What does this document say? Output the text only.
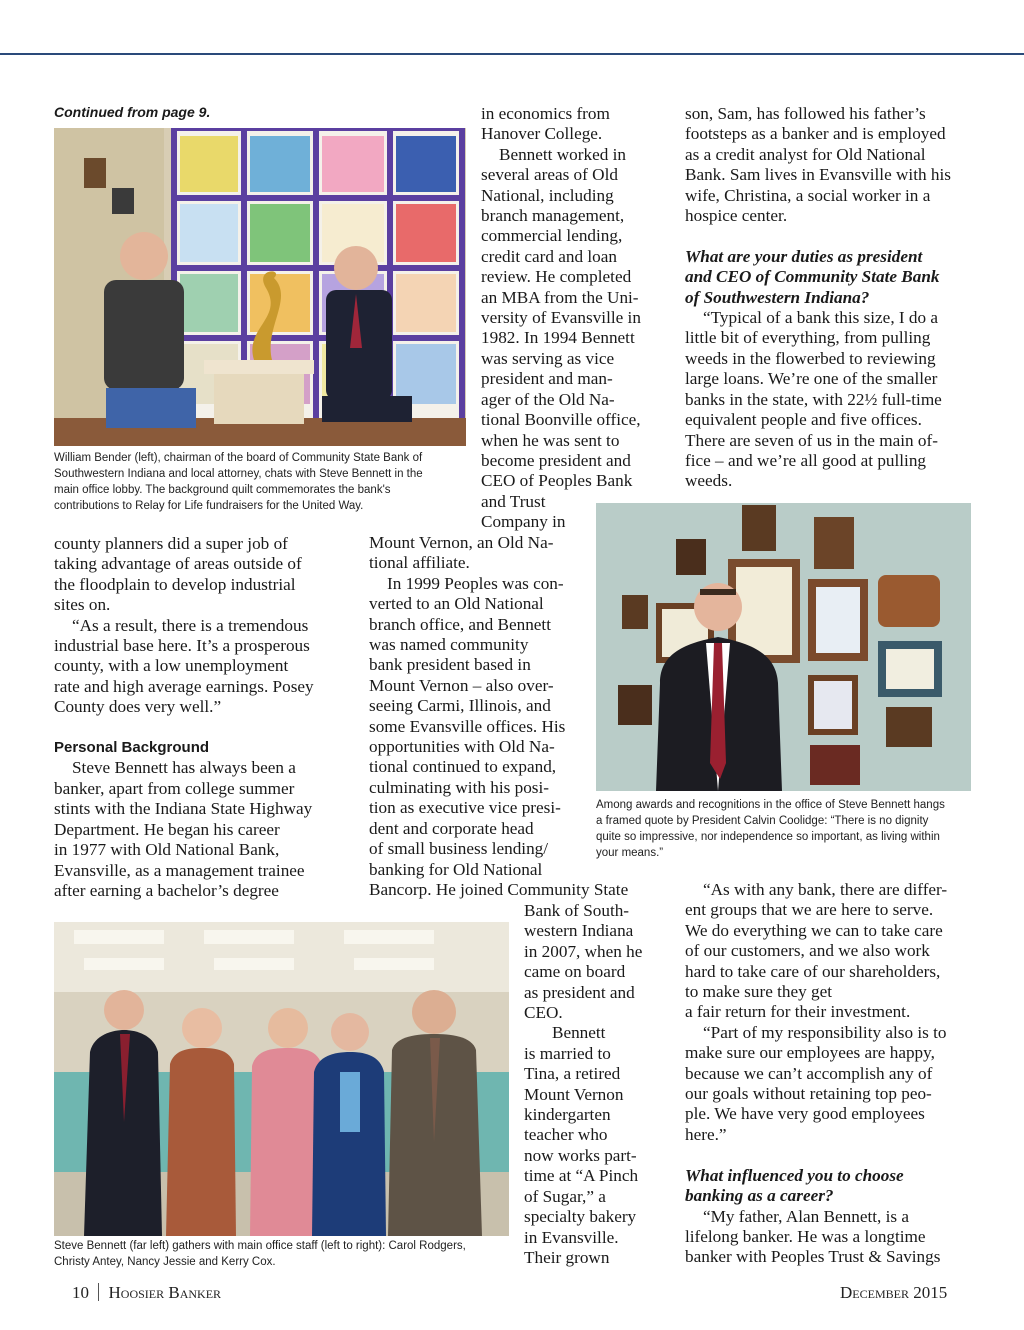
Continued from page 9.
William Bender (left), chairman of the board of Community State Bank of
Southwestern Indiana and local attorney, chats with Steve Bennett in the
main office lobby. The background quilt commemorates the bank's
contributions to Relay for Life fundraisers for the United Way.
county planners did a super job of
taking advantage of areas outside of
the floodplain to develop industrial
sites on.
“As a result, there is a tremendous
industrial base here. It’s a prosperous
county, with a low unemployment
rate and high average earnings. Posey
County does very well.”

Personal Background
Steve Bennett has always been a
banker, apart from college summer
stints with the Indiana State Highway
Department. He began his career
in 1977 with Old National Bank,
Evansville, as a management trainee
after earning a bachelor’s degree
in economics from
Hanover College.
Bennett worked in
several areas of Old
National, including
branch management,
commercial lending,
credit card and loan
review. He completed
an MBA from the Uni-
versity of Evansville in
1982. In 1994 Bennett
was serving as vice
president and man-
ager of the Old Na-
tional Boonville office,
when he was sent to
become president and
CEO of Peoples Bank
and Trust
Company in
Mount Vernon, an Old Na-
tional affiliate.
In 1999 Peoples was con-
verted to an Old National
branch office, and Bennett
was named community
bank president based in
Mount Vernon – also over-
seeing Carmi, Illinois, and
some Evansville offices. His
opportunities with Old Na-
tional continued to expand,
culminating with his posi-
tion as executive vice presi-
dent and corporate head
of small business lending/
banking for Old National
Bancorp. He joined Community State
Bank of South-
western Indiana
in 2007, when he
came on board
as president and
CEO.
Bennett
is married to
Tina, a retired
Mount Vernon
kindergarten
teacher who
now works part-
time at “A Pinch
of Sugar,” a
specialty bakery
in Evansville.
Their grown
son, Sam, has followed his father’s
footsteps as a banker and is employed
as a credit analyst for Old National
Bank. Sam lives in Evansville with his
wife, Christina, a social worker in a
hospice center.

What are your duties as president
and CEO of Community State Bank
of Southwestern Indiana?
“Typical of a bank this size, I do a
little bit of everything, from pulling
weeds in the flowerbed to reviewing
large loans. We’re one of the smaller
banks in the state, with 22½ full-time
equivalent people and five offices.
There are seven of us in the main of-
fice – and we’re all good at pulling
weeds.
Among awards and recognitions in the office of Steve Bennett hangs
a framed quote by President Calvin Coolidge: “There is no dignity
quite so impressive, nor independence so important, as living within
your means.”
“As with any bank, there are differ-
ent groups that we are here to serve.
We do everything we can to take care
of our customers, and we also work
hard to take care of our shareholders,
to make sure they get
a fair return for their investment.
“Part of my responsibility also is to
make sure our employees are happy,
because we can’t accomplish any of
our goals without retaining top peo-
ple. We have very good employees
here.”

What influenced you to choose
banking as a career?
“My father, Alan Bennett, is a
lifelong banker. He was a longtime
banker with Peoples Trust & Savings
Steve Bennett (far left) gathers with main office staff (left to right): Carol Rodgers,
Christy Antey, Nancy Jessie and Kerry Cox.
10 Hoosier Banker	December 2015
